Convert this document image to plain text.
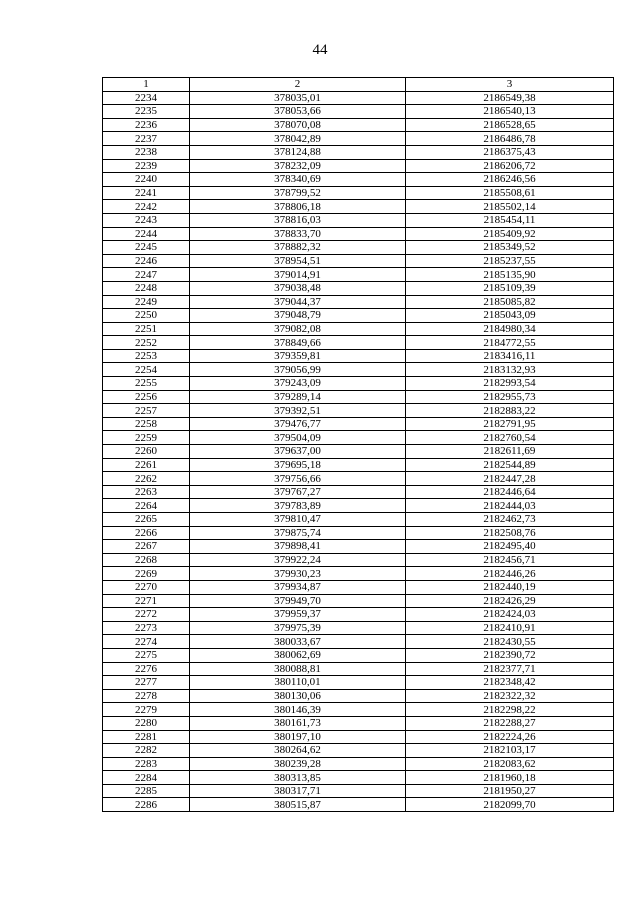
44
1	2	3
2234	378035,01	2186549,38
2235	378053,66	2186540,13
2236	378070,08	2186528,65
2237	378042,89	2186486,78
2238	378124,88	2186375,43
2239	378232,09	2186206,72
2240	378340,69	2186246,56
2241	378799,52	2185508,61
2242	378806,18	2185502,14
2243	378816,03	2185454,11
2244	378833,70	2185409,92
2245	378882,32	2185349,52
2246	378954,51	2185237,55
2247	379014,91	2185135,90
2248	379038,48	2185109,39
2249	379044,37	2185085,82
2250	379048,79	2185043,09
2251	379082,08	2184980,34
2252	378849,66	2184772,55
2253	379359,81	2183416,11
2254	379056,99	2183132,93
2255	379243,09	2182993,54
2256	379289,14	2182955,73
2257	379392,51	2182883,22
2258	379476,77	2182791,95
2259	379504,09	2182760,54
2260	379637,00	2182611,69
2261	379695,18	2182544,89
2262	379756,66	2182447,28
2263	379767,27	2182446,64
2264	379783,89	2182444,03
2265	379810,47	2182462,73
2266	379875,74	2182508,76
2267	379898,41	2182495,40
2268	379922,24	2182456,71
2269	379930,23	2182446,26
2270	379934,87	2182440,19
2271	379949,70	2182426,29
2272	379959,37	2182424,03
2273	379975,39	2182410,91
2274	380033,67	2182430,55
2275	380062,69	2182390,72
2276	380088,81	2182377,71
2277	380110,01	2182348,42
2278	380130,06	2182322,32
2279	380146,39	2182298,22
2280	380161,73	2182288,27
2281	380197,10	2182224,26
2282	380264,62	2182103,17
2283	380239,28	2182083,62
2284	380313,85	2181960,18
2285	380317,71	2181950,27
2286	380515,87	2182099,70
